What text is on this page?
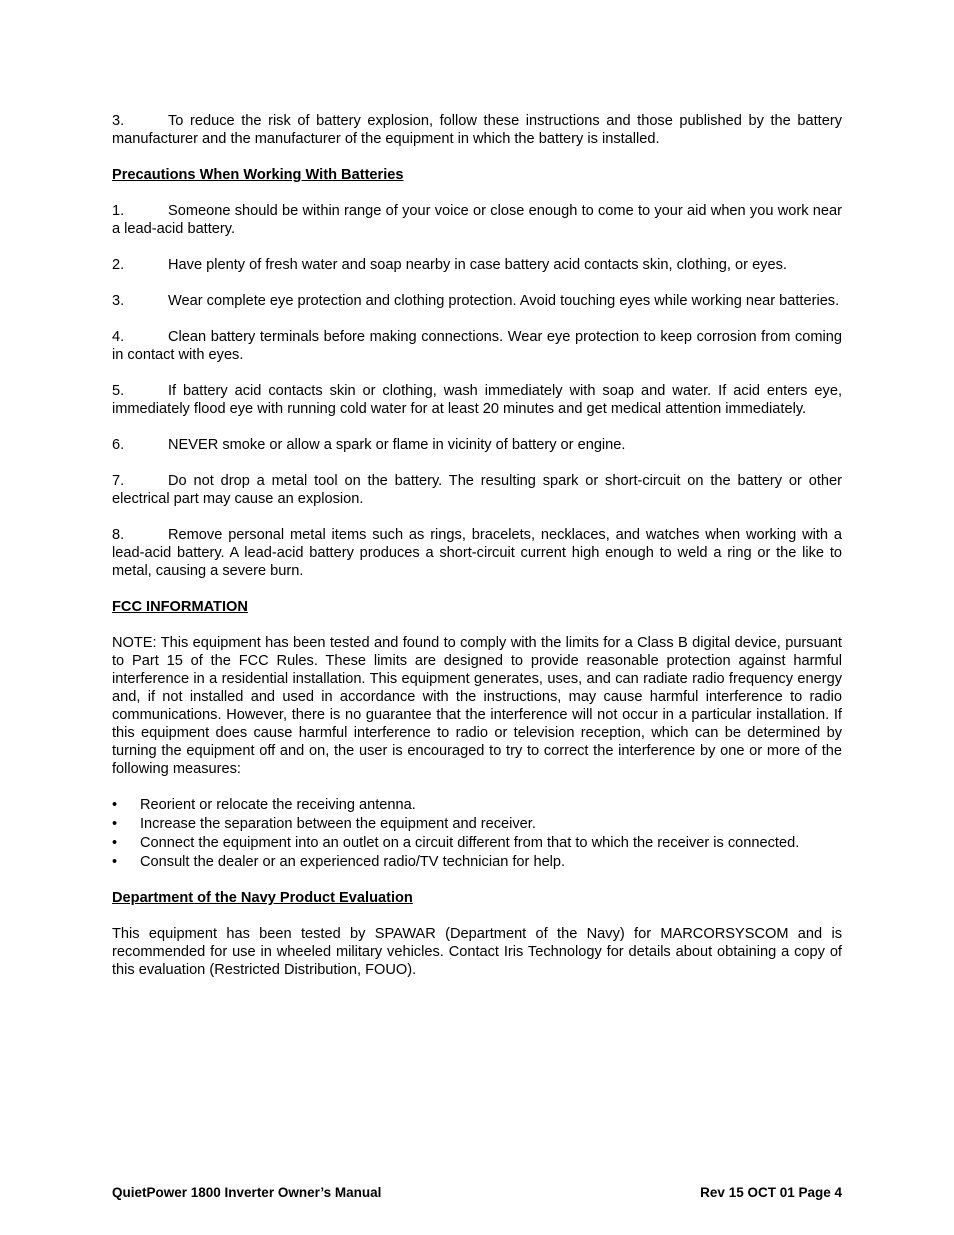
3.	To reduce the risk of battery explosion, follow these instructions and those published by the battery manufacturer and the manufacturer of the equipment in which the battery is installed.

Precautions When Working With Batteries

1.	Someone should be within range of your voice or close enough to come to your aid when you work near a lead-acid battery.

2.	Have plenty of fresh water and soap nearby in case battery acid contacts skin, clothing, or eyes.

3.	Wear complete eye protection and clothing protection. Avoid touching eyes while working near batteries.

4.	Clean battery terminals before making connections. Wear eye protection to keep corrosion from coming in contact with eyes.

5.	If battery acid contacts skin or clothing, wash immediately with soap and water. If acid enters eye, immediately flood eye with running cold water for at least 20 minutes and get medical attention immediately.

6.	NEVER smoke or allow a spark or flame in vicinity of battery or engine.

7.	Do not drop a metal tool on the battery. The resulting spark or short-circuit on the battery or other electrical part may cause an explosion.

8.	Remove personal metal items such as rings, bracelets, necklaces, and watches when working with a lead-acid battery. A lead-acid battery produces a short-circuit current high enough to weld a ring or the like to metal, causing a severe burn.

FCC INFORMATION

NOTE: This equipment has been tested and found to comply with the limits for a Class B digital device, pursuant to Part 15 of the FCC Rules. These limits are designed to provide reasonable protection against harmful interference in a residential installation. This equipment generates, uses, and can radiate radio frequency energy and, if not installed and used in accordance with the instructions, may cause harmful interference to radio communications. However, there is no guarantee that the interference will not occur in a particular installation. If this equipment does cause harmful interference to radio or television reception, which can be determined by turning the equipment off and on, the user is encouraged to try to correct the interference by one or more of the following measures:

•	Reorient or relocate the receiving antenna.
•	Increase the separation between the equipment and receiver.
•	Connect the equipment into an outlet on a circuit different from that to which the receiver is connected.
•	Consult the dealer or an experienced radio/TV technician for help.
Department of the Navy Product Evaluation

This equipment has been tested by SPAWAR (Department of the Navy) for MARCORSYSCOM and is recommended for use in wheeled military vehicles. Contact Iris Technology for details about obtaining a copy of this evaluation (Restricted Distribution, FOUO).

QuietPower 1800 Inverter Owner’s Manual	Rev 15 OCT 01 Page 4
